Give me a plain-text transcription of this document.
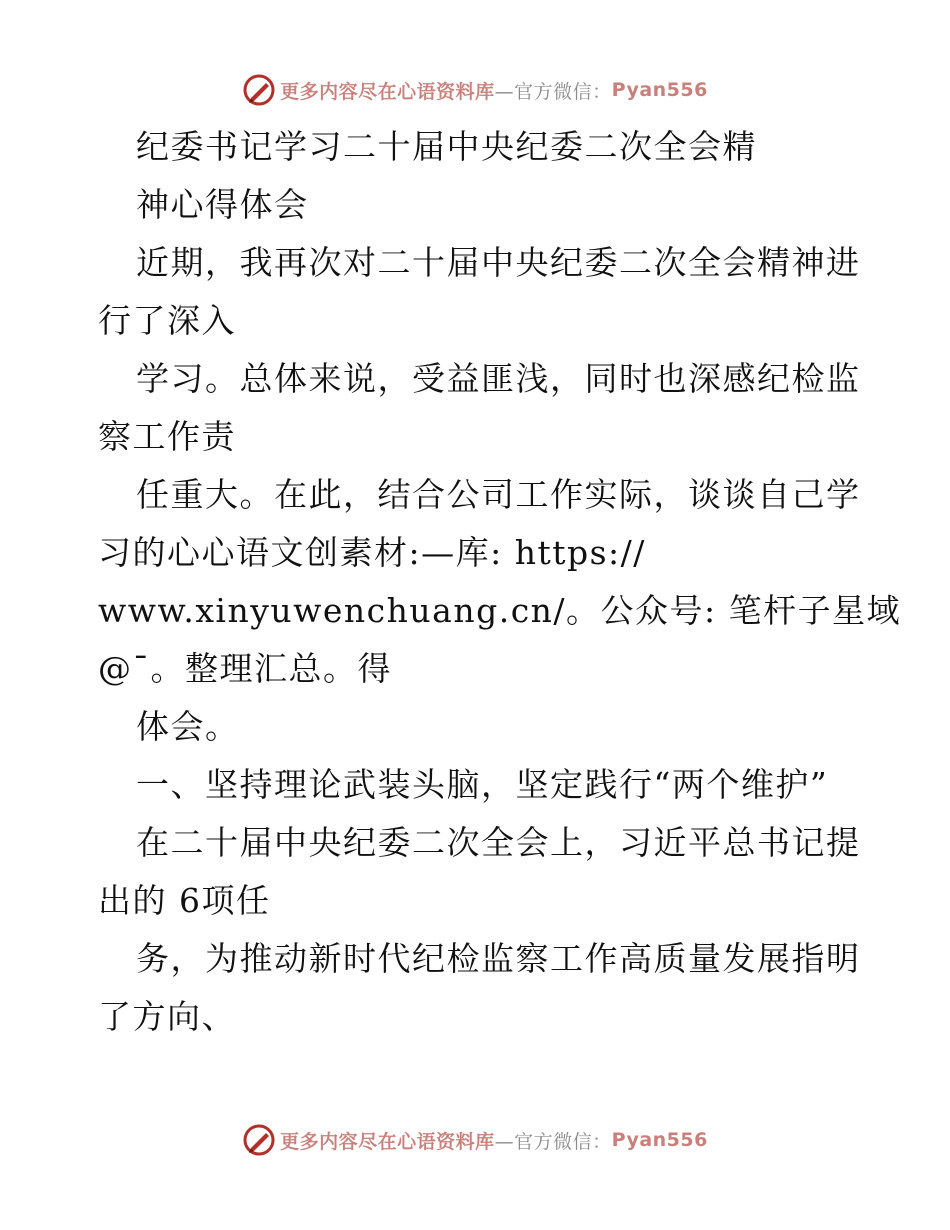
更多内容尽在心语资料库 —官方微信： Pyan556
纪委书记学习二十届中央纪委二次全会精
神心得体会
近期，我再次对二十届中央纪委二次全会精神进
行了深入
学习。总体来说，受益匪浅，同时也深感纪检监
察工作责
任重大。在此，结合公司工作实际，谈谈自己学
习的心心语文创素材:—库: https://
www.xinyuwenchuang.cn/。公众号: 笔杆子星域
@¯。整理汇总。得
体会。
一、坚持理论武装头脑，坚定践行“两个维护”
在二十届中央纪委二次全会上，习近平总书记提
出的 6项任
务，为推动新时代纪检监察工作高质量发展指明
了方向、
更多内容尽在心语资料库 —官方微信： Pyan556
